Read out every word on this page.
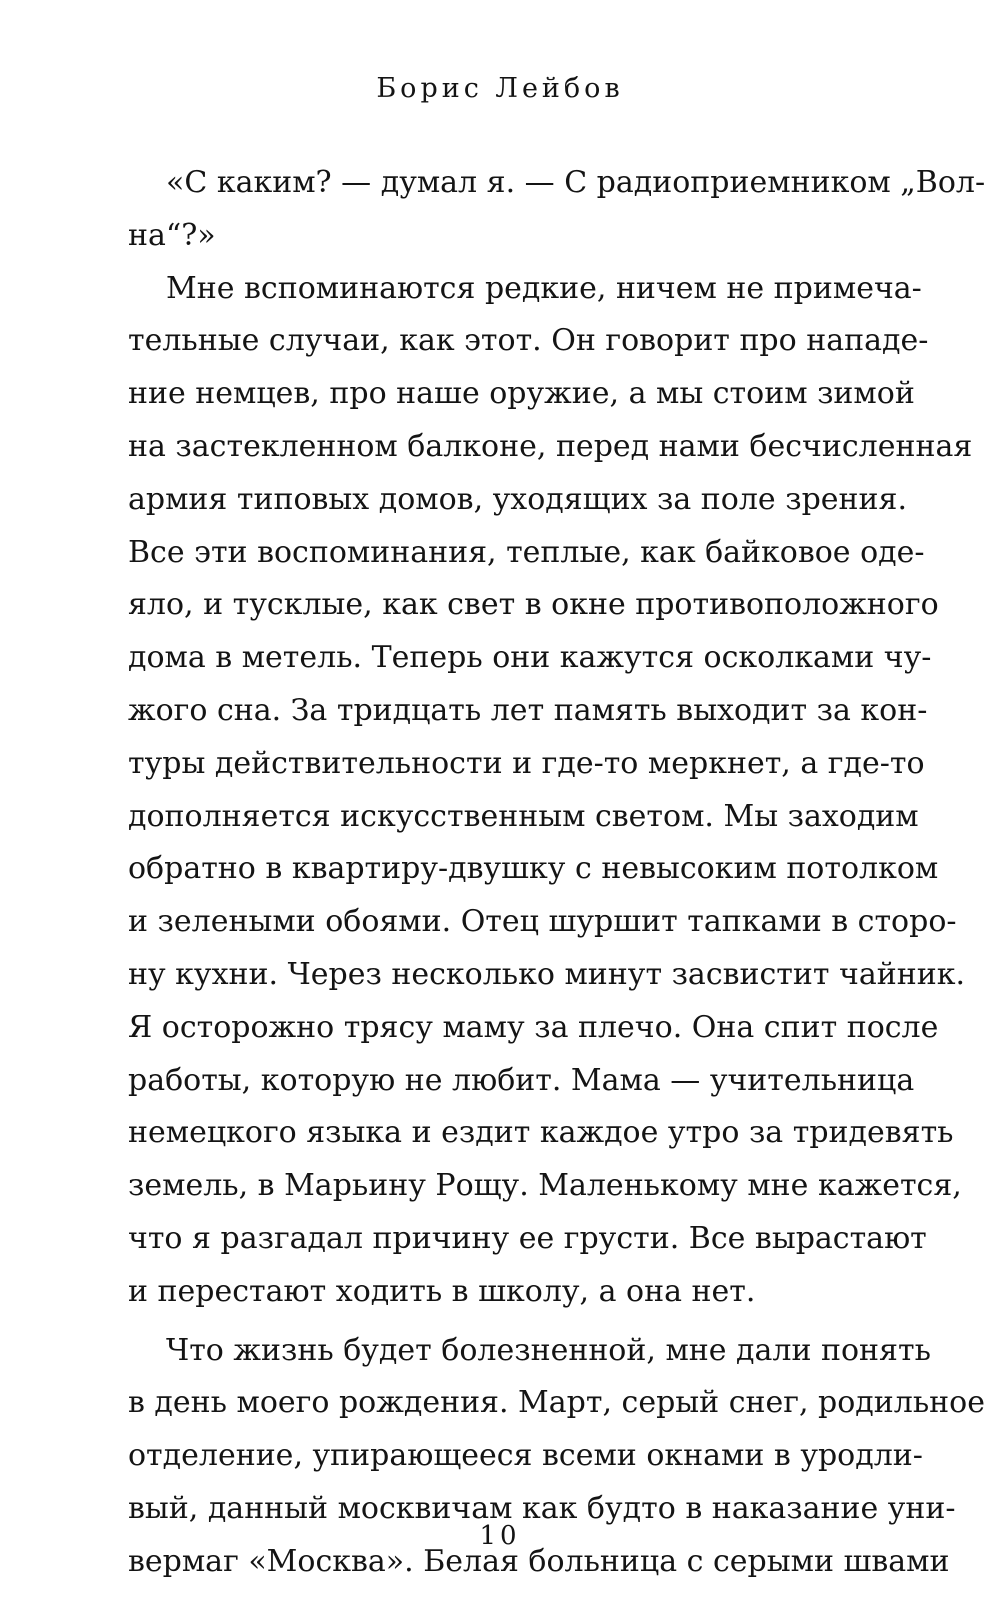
Борис Лейбов
«С каким? — думал я. — С радиоприемником „Вол-
на“?»
Мне вспоминаются редкие, ничем не примеча-
тельные случаи, как этот. Он говорит про нападе-
ние немцев, про наше оружие, а мы стоим зимой
на застекленном балконе, перед нами бесчисленная
армия типовых домов, уходящих за поле зрения.
Все эти воспоминания, теплые, как байковое оде-
яло, и тусклые, как свет в окне противоположного
дома в метель. Теперь они кажутся осколками чу-
жого сна. За тридцать лет память выходит за кон-
туры действительности и где-то меркнет, а где-то
дополняется искусственным светом. Мы заходим
обратно в квартиру-двушку с невысоким потолком
и зелеными обоями. Отец шуршит тапками в сторо-
ну кухни. Через несколько минут засвистит чайник.
Я осторожно трясу маму за плечо. Она спит после
работы, которую не любит. Мама — учительница
немецкого языка и ездит каждое утро за тридевять
земель, в Марьину Рощу. Маленькому мне кажется,
что я разгадал причину ее грусти. Все вырастают
и перестают ходить в школу, а она нет.
Что жизнь будет болезненной, мне дали понять
в день моего рождения. Март, серый снег, родильное
отделение, упирающееся всеми окнами в уродли-
вый, данный москвичам как будто в наказание уни-
вермаг «Москва». Белая больница с серыми швами
10
